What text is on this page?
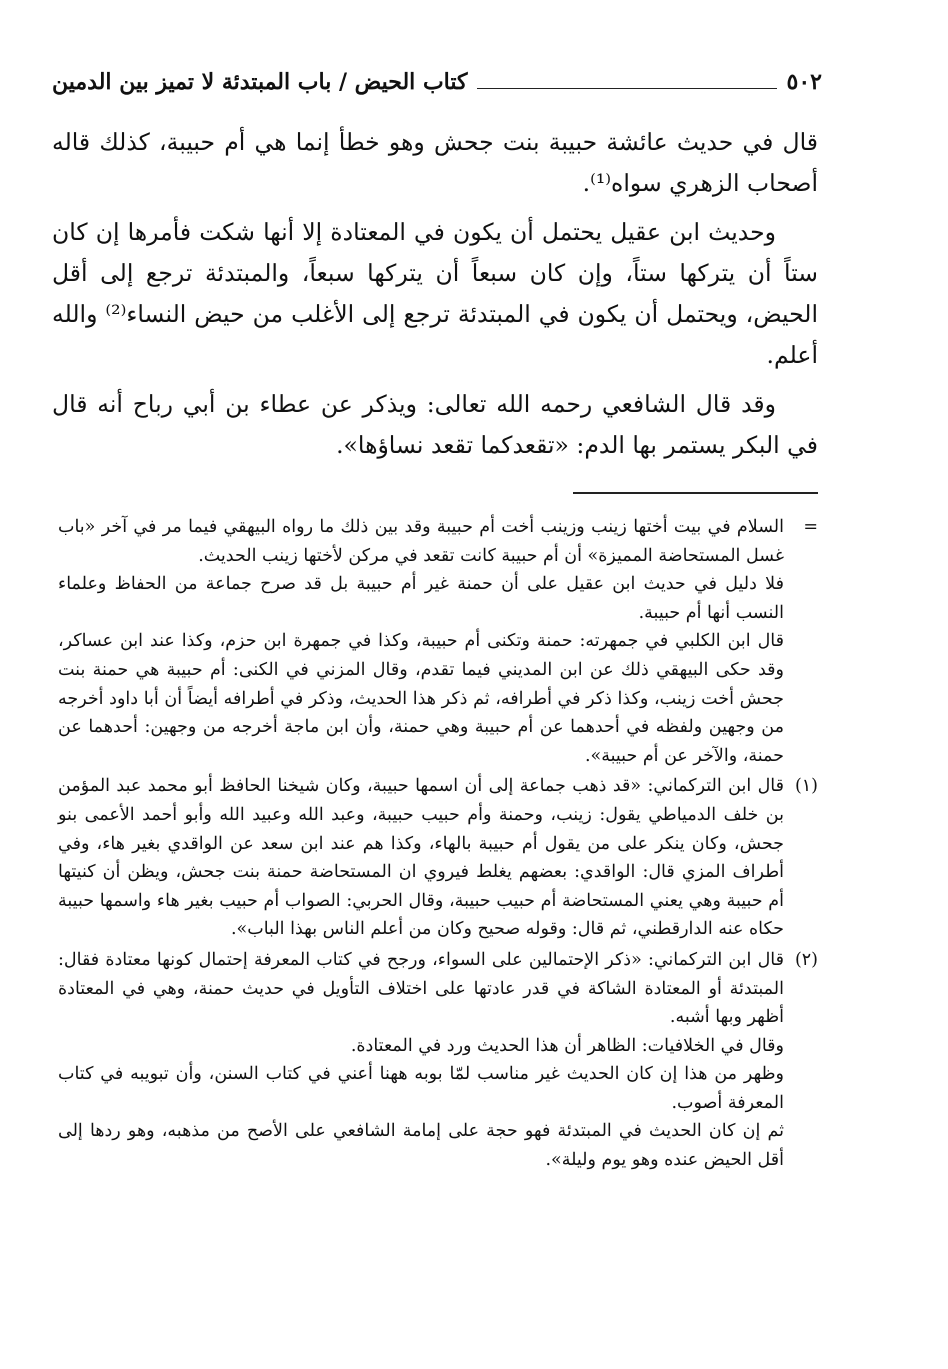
٥٠٢
كتاب الحيض / باب المبتدئة لا تميز بين الدمين

قال في حديث عائشة حبيبة بنت جحش وهو خطأ إنما هي أم حبيبة، كذلك قاله أصحاب الزهري سواه⁽¹⁾.

وحديث ابن عقيل يحتمل أن يكون في المعتادة إلا أنها شكت فأمرها إن كان ستاً أن يتركها ستاً، وإن كان سبعاً أن يتركها سبعاً، والمبتدئة ترجع إلى أقل الحيض، ويحتمل أن يكون في المبتدئة ترجع إلى الأغلب من حيض النساء⁽²⁾ والله أعلم.

وقد قال الشافعي رحمه الله تعالى: ويذكر عن عطاء بن أبي رباح أنه قال في البكر يستمر بها الدم: «تقعدكما تقعد نساؤها».

=
السلام في بيت أختها زينب وزينب أخت أم حبيبة وقد بين ذلك ما رواه البيهقي فيما مر في آخر «باب غسل المستحاضة المميزة» أن أم حبيبة كانت تقعد في مركن لأختها زينب الحديث.
فلا دليل في حديث ابن عقيل على أن حمنة غير أم حبيبة بل قد صرح جماعة من الحفاظ وعلماء النسب أنها أم حبيبة.
قال ابن الكلبي في جمهرته: حمنة وتكنى أم حبيبة، وكذا في جمهرة ابن حزم، وكذا عند ابن عساكر، وقد حكى البيهقي ذلك عن ابن المديني فيما تقدم، وقال المزني في الكنى: أم حبيبة هي حمنة بنت جحش أخت زينب، وكذا ذكر في أطرافه، ثم ذكر هذا الحديث، وذكر في أطرافه أيضاً أن أبا داود أخرجه من وجهين ولفظه في أحدهما عن أم حبيبة وهي حمنة، وأن ابن ماجة أخرجه من وجهين: أحدهما عن حمنة، والآخر عن أم حبيبة».
(١)
قال ابن التركماني: «قد ذهب جماعة إلى أن اسمها حبيبة، وكان شيخنا الحافظ أبو محمد عبد المؤمن بن خلف الدمياطي يقول: زينب، وحمنة وأم حبيب حبيبة، وعبد الله وعبيد الله وأبو أحمد الأعمى بنو جحش، وكان ينكر على من يقول أم حبيبة بالهاء، وكذا هم عند ابن سعد عن الواقدي بغير هاء، وفي أطراف المزي قال: الواقدي: بعضهم يغلط فيروي ان المستحاضة حمنة بنت جحش، ويظن أن كنيتها أم حبيبة وهي يعني المستحاضة أم حبيب حبيبة، وقال الحربي: الصواب أم حبيب بغير هاء واسمها حبيبة حكاه عنه الدارقطني، ثم قال: وقوله صحيح وكان من أعلم الناس بهذا الباب».
(٢)
قال ابن التركماني: «ذكر الإحتمالين على السواء، ورجح في كتاب المعرفة إحتمال كونها معتادة فقال: المبتدئة أو المعتادة الشاكة في قدر عادتها على اختلاف التأويل في حديث حمنة، وهي في المعتادة أظهر وبها أشبه.
وقال في الخلافيات: الظاهر أن هذا الحديث ورد في المعتادة.
وظهر من هذا إن كان الحديث غير مناسب لمّا بوبه ههنا أعني في كتاب السنن، وأن تبويبه في كتاب المعرفة أصوب.
ثم إن كان الحديث في المبتدئة فهو حجة على إمامة الشافعي على الأصح من مذهبه، وهو ردها إلى أقل الحيض عنده وهو يوم وليلة».
